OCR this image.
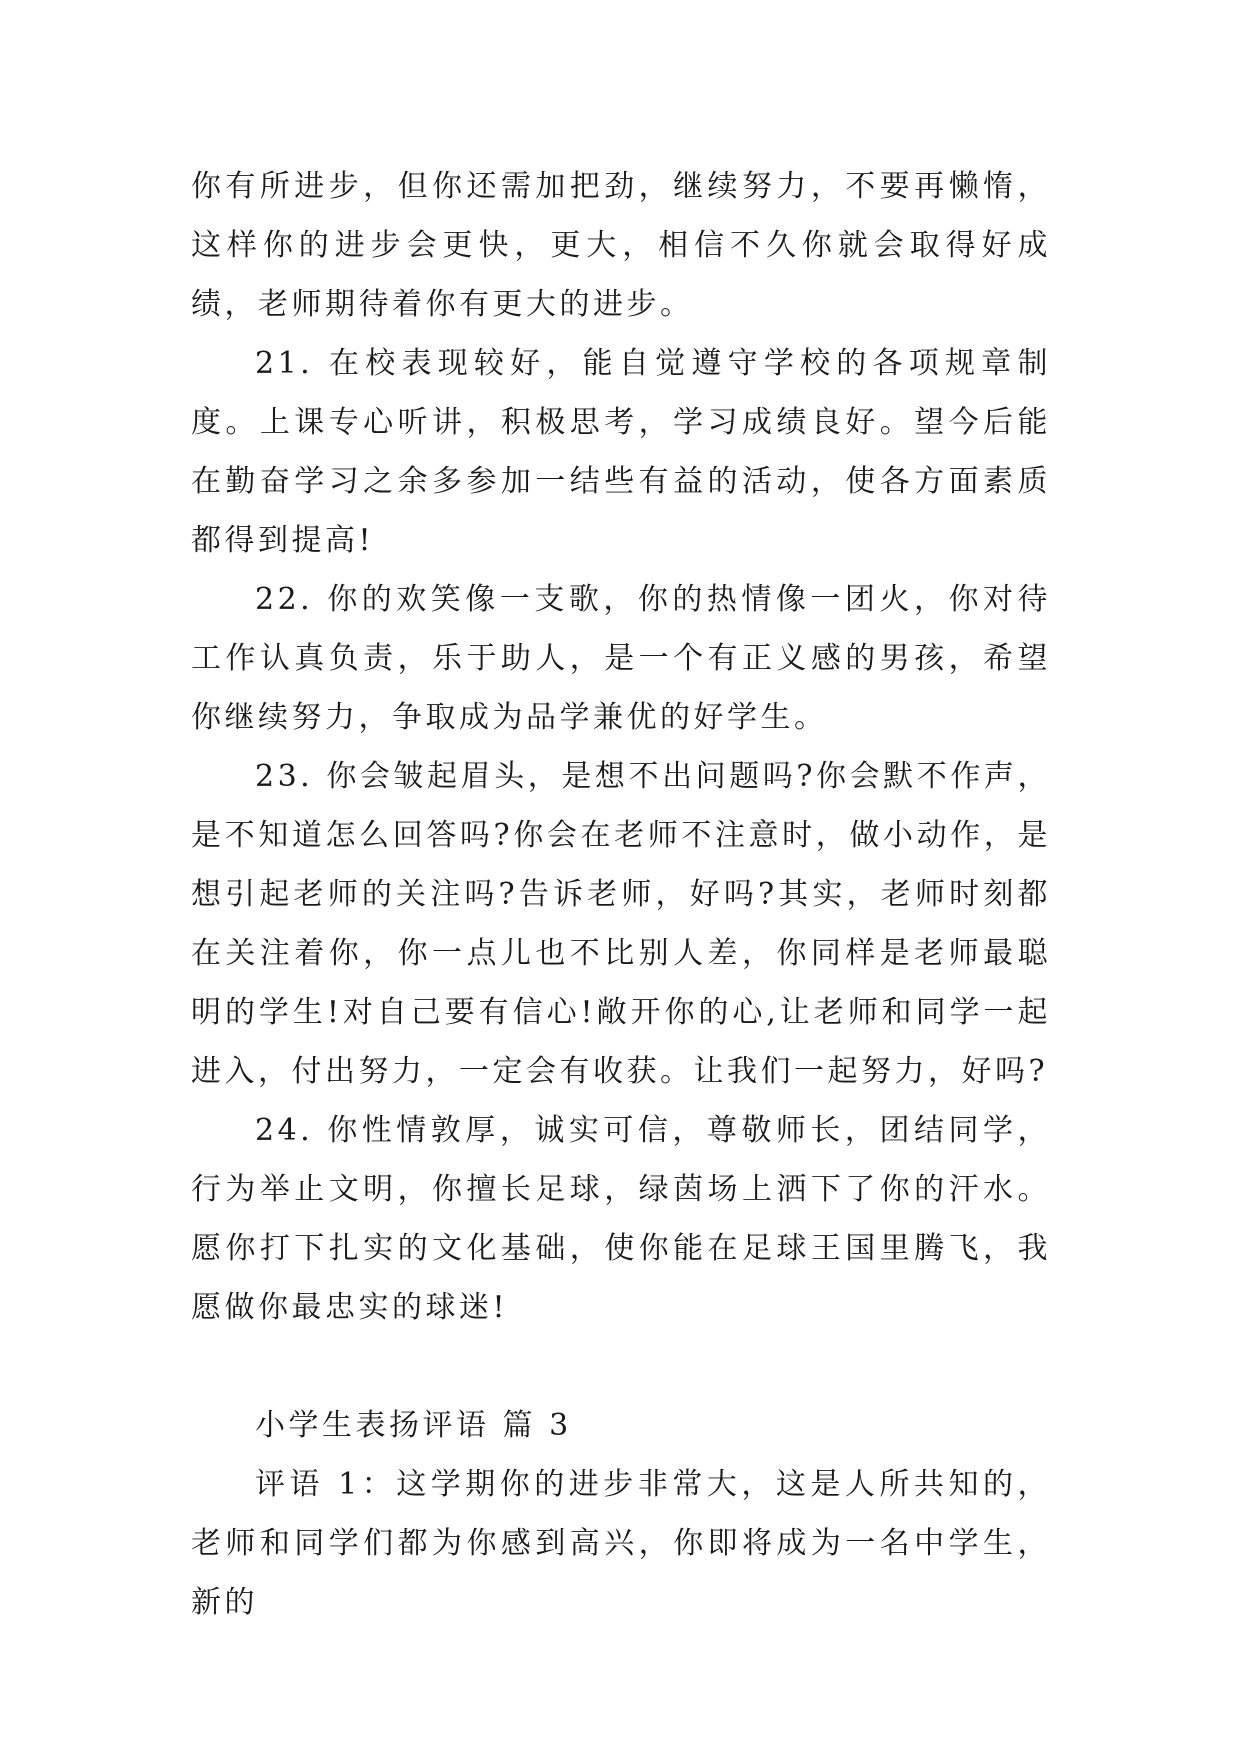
你有所进步，但你还需加把劲，继续努力，不要再懒惰，这样你的进步会更快，更大，相信不久你就会取得好成绩，老师期待着你有更大的进步。

21. 在校表现较好，能自觉遵守学校的各项规章制度。上课专心听讲，积极思考，学习成绩良好。望今后能在勤奋学习之余多参加一结些有益的活动，使各方面素质都得到提高!

22. 你的欢笑像一支歌，你的热情像一团火，你对待工作认真负责，乐于助人，是一个有正义感的男孩，希望你继续努力，争取成为品学兼优的好学生。

23. 你会皱起眉头，是想不出问题吗?你会默不作声，是不知道怎么回答吗?你会在老师不注意时，做小动作，是想引起老师的关注吗?告诉老师，好吗?其实，老师时刻都在关注着你，你一点儿也不比别人差，你同样是老师最聪明的学生!对自己要有信心!敞开你的心,让老师和同学一起进入，付出努力，一定会有收获。让我们一起努力，好吗?

24. 你性情敦厚，诚实可信，尊敬师长，团结同学，行为举止文明，你擅长足球，绿茵场上洒下了你的汗水。愿你打下扎实的文化基础，使你能在足球王国里腾飞，我愿做你最忠实的球迷!

小学生表扬评语 篇 3

评语 1：这学期你的进步非常大，这是人所共知的，老师和同学们都为你感到高兴，你即将成为一名中学生，新的
